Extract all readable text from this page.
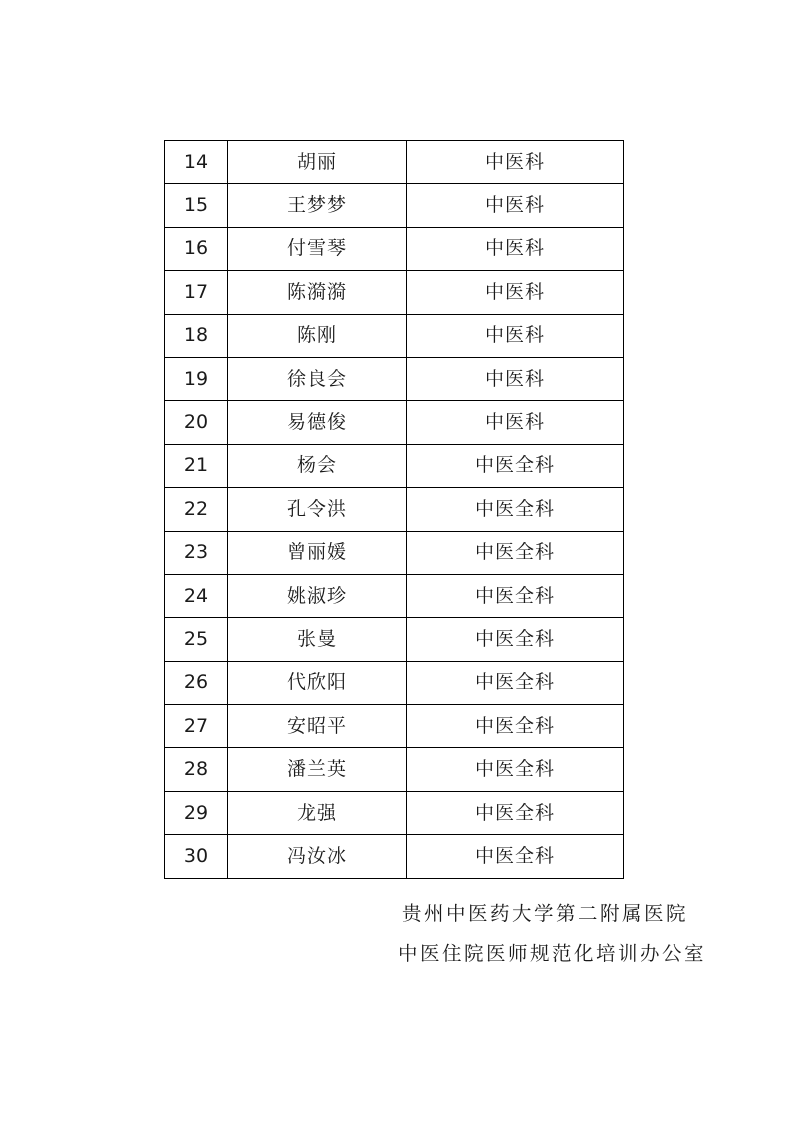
14	胡丽	中医科
15	王梦梦	中医科
16	付雪琴	中医科
17	陈漪漪	中医科
18	陈刚	中医科
19	徐良会	中医科
20	易德俊	中医科
21	杨会	中医全科
22	孔令洪	中医全科
23	曾丽媛	中医全科
24	姚淑珍	中医全科
25	张曼	中医全科
26	代欣阳	中医全科
27	安昭平	中医全科
28	潘兰英	中医全科
29	龙强	中医全科
30	冯汝冰	中医全科
贵州中医药大学第二附属医院
中医住院医师规范化培训办公室
